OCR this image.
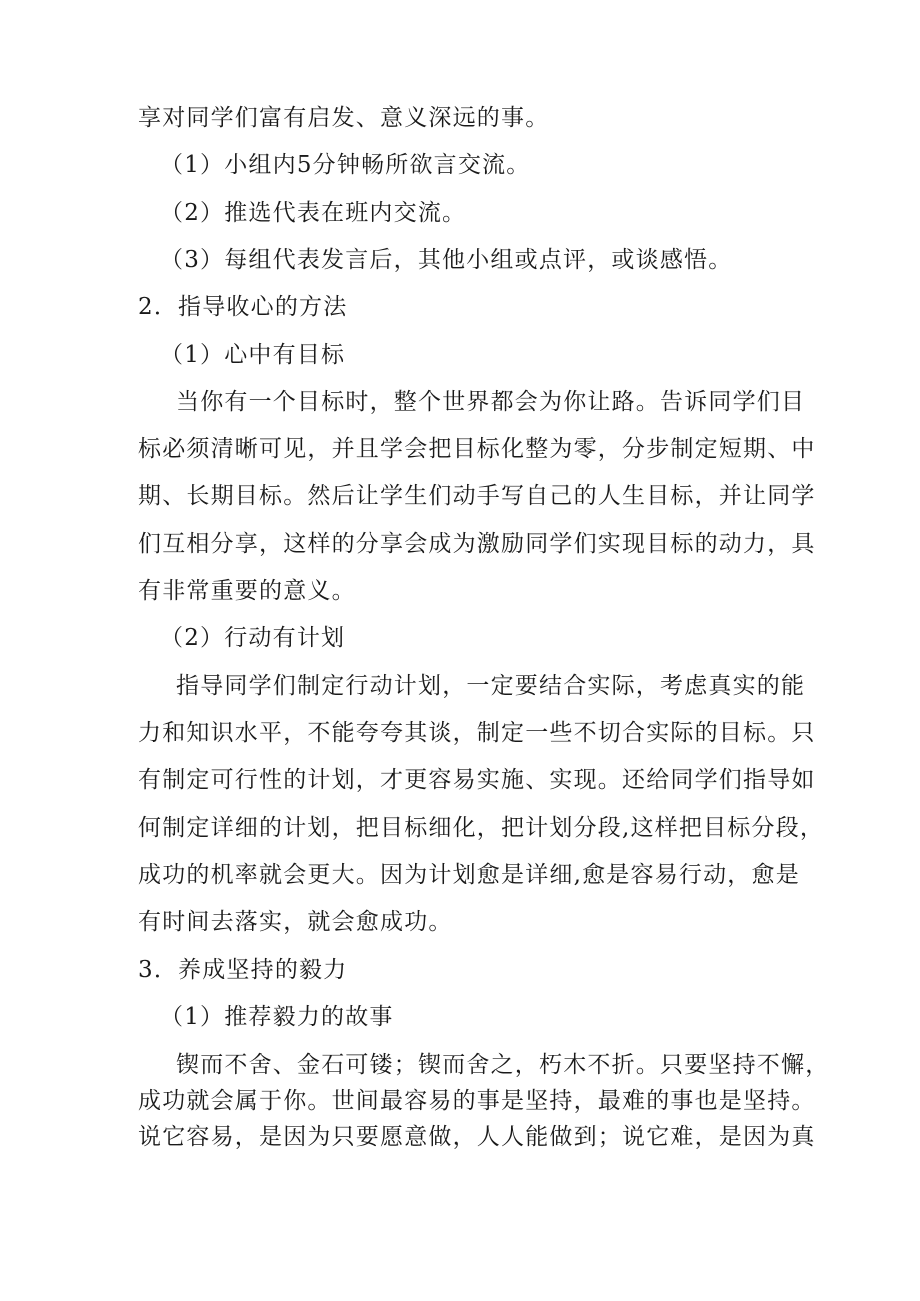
享对同学们富有启发、意义深远的事。
（1）小组内5分钟畅所欲言交流。
（2）推选代表在班内交流。
（3）每组代表发言后，其他小组或点评，或谈感悟。
2．指导收心的方法
（1）心中有目标
当你有一个目标时，整个世界都会为你让路。告诉同学们目
标必须清晰可见，并且学会把目标化整为零，分步制定短期、中
期、长期目标。然后让学生们动手写自己的人生目标，并让同学
们互相分享，这样的分享会成为激励同学们实现目标的动力，具
有非常重要的意义。
（2）行动有计划
指导同学们制定行动计划，一定要结合实际，考虑真实的能
力和知识水平，不能夸夸其谈，制定一些不切合实际的目标。只
有制定可行性的计划，才更容易实施、实现。还给同学们指导如
何制定详细的计划，把目标细化，把计划分段,这样把目标分段，
成功的机率就会更大。因为计划愈是详细,愈是容易行动，愈是
有时间去落实，就会愈成功。
3．养成坚持的毅力
（1）推荐毅力的故事
锲而不舍、金石可镂；锲而舍之，朽木不折。只要坚持不懈，
成功就会属于你。世间最容易的事是坚持，最难的事也是坚持。
说它容易，是因为只要愿意做，人人能做到；说它难，是因为真
